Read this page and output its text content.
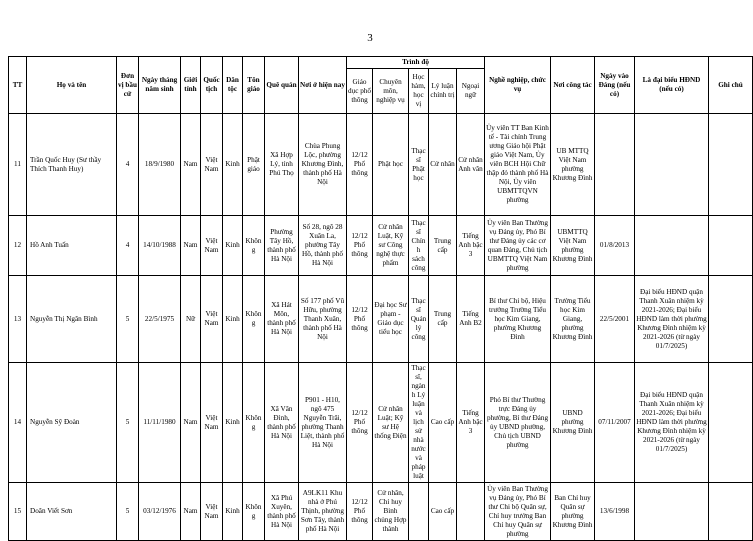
3
TT	Họ và tên	Đơn vị bầu cử	Ngày tháng năm sinh	Giới tính	Quốc tịch	Dân tộc	Tôn giáo	Quê quán	Nơi ở hiện nay	Trình độ					Nghề nghiệp, chức vụ	Nơi công tác	Ngày vào Đảng (nếu có)	Là đại biểu HĐND (nếu có)	Ghi chú
										Giáo dục phổ thông	Chuyên môn, nghiệp vụ	Học hàm, học vị	Lý luận chính trị	Ngoại ngữ					
11	Trần Quốc Huy (Sư thầy Thích Thanh Huy)	4	18/9/1980	Nam	Việt Nam	Kinh	Phật giáo	Xã Hợp Lý, tỉnh Phú Thọ	Chùa Phung Lộc, phường Khương Đình, thành phố Hà Nội	12/12 Phổ thông	Phật học	Thạc sĩ Phật học	Cử nhân	Cử nhân Anh văn	Ủy viên TT Ban Kinh tế - Tài chính Trung ương Giáo hội Phật giáo Việt Nam, Ủy viên BCH Hội Chữ thập đỏ thành phố Hà Nội, Ủy viên UBMTTQVN phường	UB MTTQ Việt Nam phường Khương Đình			
12	Hồ Anh Tuấn	4	14/10/1988	Nam	Việt Nam	Kinh	Không	Phường Tây Hồ, thành phố Hà Nội	Số 28, ngõ 28 Xuân La, phường Tây Hồ, thành phố Hà Nội	12/12 Phổ thông	Cử nhân Luật, Kỹ sư Công nghệ thực phẩm	Thạc sĩ Chính sách công	Trung cấp	Tiếng Anh bậc 3	Ủy viên Ban Thường vụ Đảng ủy, Phó Bí thư Đảng ủy các cơ quan Đảng, Chủ tịch UBMTTQ Việt Nam phường	UBMTTQ Việt Nam phường Khương Đình	01/8/2013		
13	Nguyễn Thị Ngân Bình	5	22/5/1975	Nữ	Việt Nam	Kinh	Không	Xã Hát Môn, thành phố Hà Nội	Số 177 phố Vũ Hữu, phường Thanh Xuân, thành phố Hà Nội	12/12 Phổ thông	Đại học Sư phạm - Giáo dục tiểu học	Thạc sĩ Quản lý công	Trung cấp	Tiếng Anh B2	Bí thư Chi bộ, Hiệu trưởng Trường Tiểu học Kim Giang, phường Khương Đình	Trường Tiểu học Kim Giang, phường Khương Đình	22/5/2001	Đại biểu HĐND quận Thanh Xuân nhiệm kỳ 2021-2026; Đại biểu HĐND làm thời phường Khương Đình nhiệm kỳ 2021-2026 (từ ngày 01/7/2025)	
14	Nguyễn Sỹ Đoàn	5	11/11/1980	Nam	Việt Nam	Kinh	Không	Xã Vân Đình, thành phố Hà Nội	P901 - H10, ngõ 475 Nguyễn Trãi, phường Thanh Liệt, thành phố Hà Nội	12/12 Phổ thông	Cử nhân Luật; Kỹ sư Hệ thống Điện	Thạc sĩ, ngành Lý luận và lịch sử nhà nước và pháp luật	Cao cấp	Tiếng Anh bậc 3	Phó Bí thư Thường trực Đảng ủy phường, Bí thư Đảng ủy UBND phường, Chủ tịch UBND phường	UBND phường Khương Đình	07/11/2007	Đại biểu HĐND quận Thanh Xuân nhiệm kỳ 2021-2026; Đại biểu HĐND làm thời phường Khương Đình nhiệm kỳ 2021-2026 (từ ngày 01/7/2025)	
15	Doãn Viết Sơn	5	03/12/1976	Nam	Việt Nam	Kinh	Không	Xã Phú Xuyên, thành phố Hà Nội	A9LK11 Khu nhà ở Phú Thịnh, phường Sơn Tây, thành phố Hà Nội	12/12 Phổ thông	Cử nhân, Chỉ huy Binh chủng Hợp thành		Cao cấp		Ủy viên Ban Thường vụ Đảng ủy, Phó Bí thư Chi bộ Quân sự, Chỉ huy trưởng Ban Chỉ huy Quân sự phường	Ban Chỉ huy Quân sự phường Khương Đình	13/6/1998		
